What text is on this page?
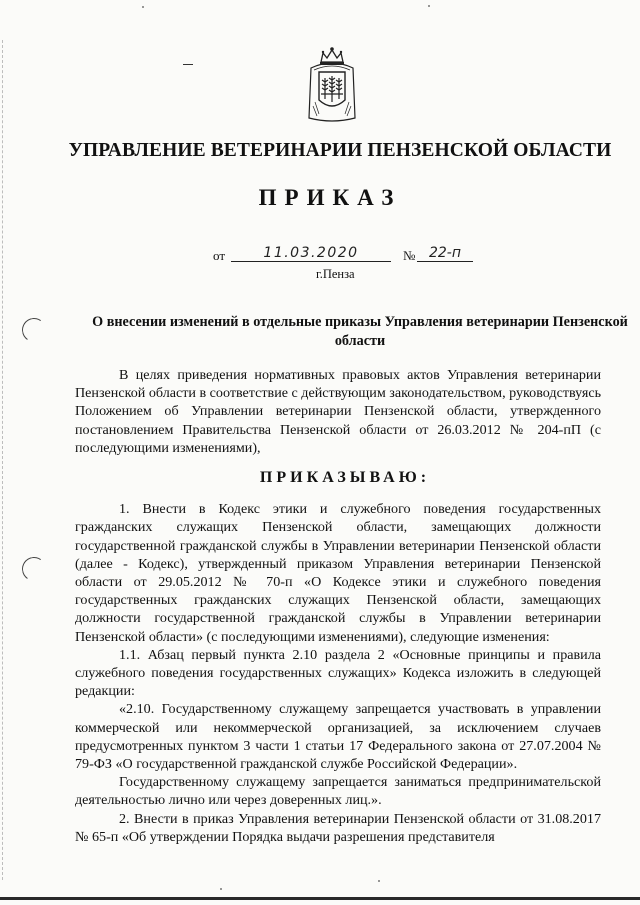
УПРАВЛЕНИЕ ВЕТЕРИНАРИИ ПЕНЗЕНСКОЙ ОБЛАСТИ
ПРИКАЗ
от	11.03.2020	№ 22-п
г.Пенза
О внесении изменений в отдельные приказы Управления ветеринарии Пензенской области

В целях приведения нормативных правовых актов Управления ветеринарии Пензенской области в соответствие с действующим законодательством, руководствуясь Положением об Управлении ветеринарии Пензенской области, утвержденного постановлением Правительства Пензенской области от 26.03.2012 № 204-пП (с последующими изменениями),

ПРИКАЗЫВАЮ:

1. Внести в Кодекс этики и служебного поведения государственных гражданских служащих Пензенской области, замещающих должности государственной гражданской службы в Управлении ветеринарии Пензенской области (далее - Кодекс), утвержденный приказом Управления ветеринарии Пензенской области от 29.05.2012 № 70-п «О Кодексе этики и служебного поведения государственных гражданских служащих Пензенской области, замещающих должности государственной гражданской службы в Управлении ветеринарии Пензенской области» (с последующими изменениями), следующие изменения:

1.1. Абзац первый пункта 2.10 раздела 2 «Основные принципы и правила служебного поведения государственных служащих» Кодекса изложить в следующей редакции:

«2.10. Государственному служащему запрещается участвовать в управлении коммерческой или некоммерческой организацией, за исключением случаев предусмотренных пунктом 3 части 1 статьи 17 Федерального закона от 27.07.2004 № 79-ФЗ «О государственной гражданской службе Российской Федерации».

Государственному служащему запрещается заниматься предпринимательской деятельностью лично или через доверенных лиц.».

2. Внести в приказ Управления ветеринарии Пензенской области от 31.08.2017 № 65-п «Об утверждении Порядка выдачи разрешения представителя
